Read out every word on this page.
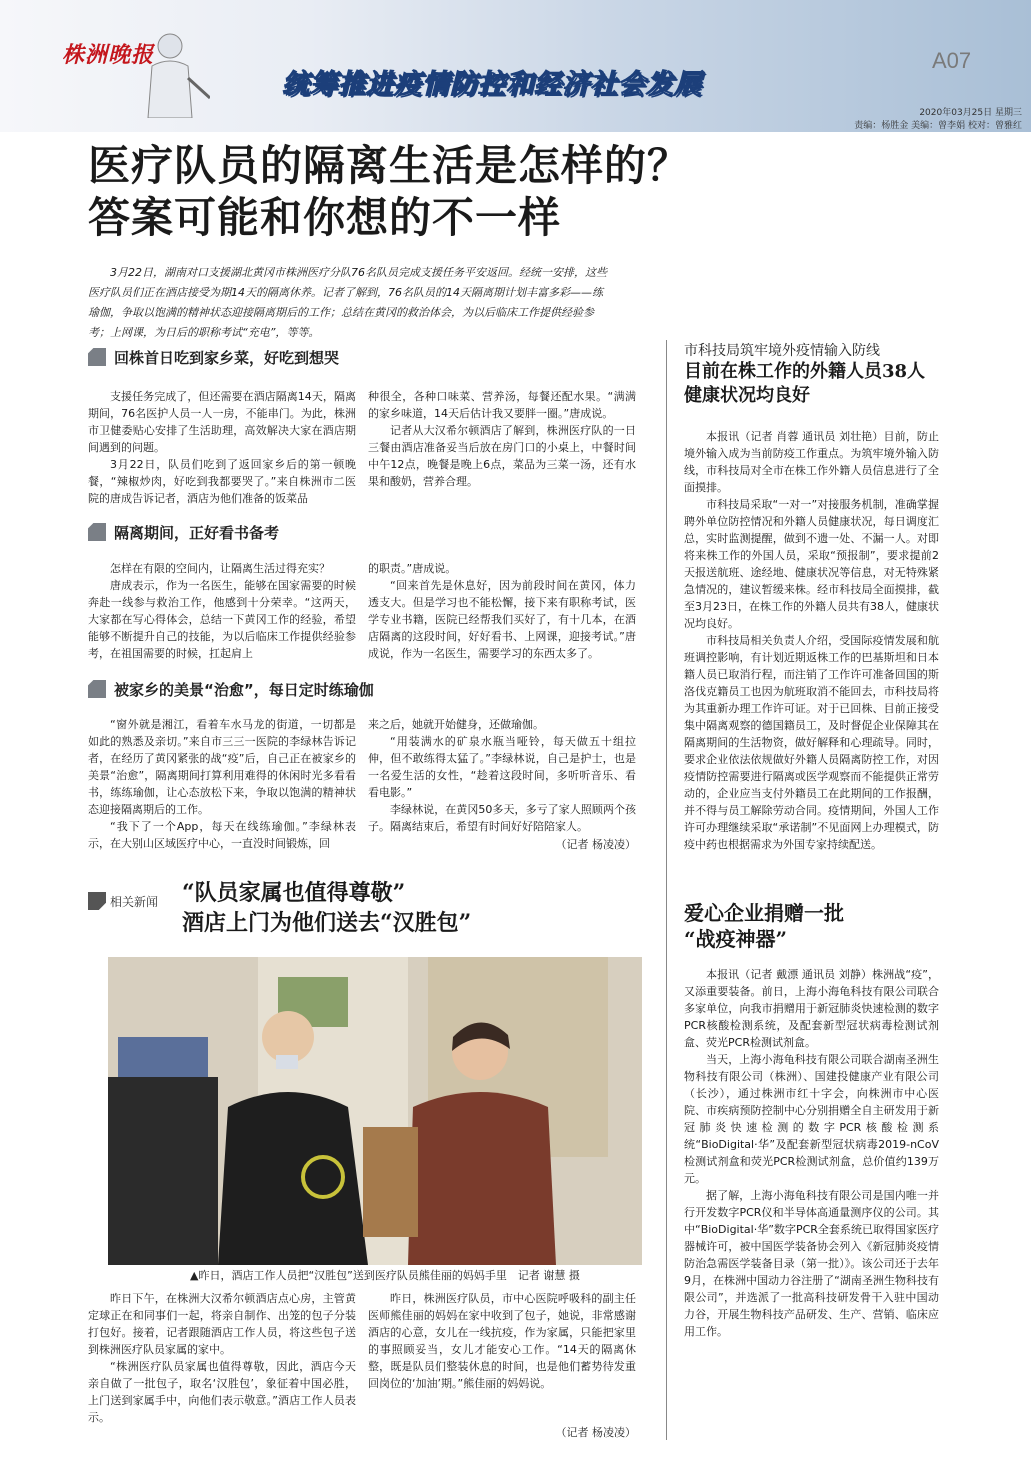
株洲晚报
统筹推进疫情防控和经济社会发展
A07
2020年03月25日 星期三
责编：杨胜金 美编：曾李娟 校对：曾雅红
医疗队员的隔离生活是怎样的？
答案可能和你想的不一样
3月22日，湖南对口支援湖北黄冈市株洲医疗分队76名队员完成支援任务平安返回。经统一安排，这些医疗队员们正在酒店接受为期14天的隔离休养。记者了解到，76名队员的14天隔离期计划丰富多彩——练瑜伽，争取以饱满的精神状态迎接隔离期后的工作；总结在黄冈的救治体会，为以后临床工作提供经验参考；上网课，为日后的职称考试“充电”，等等。
回株首日吃到家乡菜，好吃到想哭

支援任务完成了，但还需要在酒店隔离14天，隔离期间，76名医护人员一人一房，不能串门。为此，株洲市卫健委贴心安排了生活助理，高效解决大家在酒店期间遇到的问题。

3月22日，队员们吃到了返回家乡后的第一顿晚餐，“辣椒炒肉，好吃到我都要哭了。”来自株洲市二医院的唐成告诉记者，酒店为他们准备的饭菜品

种很全，各种口味菜、营养汤，每餐还配水果。“满满的家乡味道，14天后估计我又要胖一圈。”唐成说。

记者从大汉希尔顿酒店了解到，株洲医疗队的一日三餐由酒店准备妥当后放在房门口的小桌上，中餐时间中午12点，晚餐是晚上6点，菜品为三菜一汤，还有水果和酸奶，营养合理。

隔离期间，正好看书备考

怎样在有限的空间内，让隔离生活过得充实？

唐成表示，作为一名医生，能够在国家需要的时候奔赴一线参与救治工作，他感到十分荣幸。“这两天，大家都在写心得体会，总结一下黄冈工作的经验，希望能够不断提升自己的技能，为以后临床工作提供经验参考，在祖国需要的时候，扛起肩上

的职责。”唐成说。

“回来首先是休息好，因为前段时间在黄冈，体力透支大。但是学习也不能松懈，接下来有职称考试，医学专业书籍，医院已经帮我们买好了，有十几本，在酒店隔离的这段时间，好好看书、上网课，迎接考试。”唐成说，作为一名医生，需要学习的东西太多了。

被家乡的美景“治愈”，每日定时练瑜伽

“窗外就是湘江，看着车水马龙的街道，一切都是如此的熟悉及亲切。”来自市三三一医院的李绿林告诉记者，在经历了黄冈紧张的战“疫”后，自己正在被家乡的美景“治愈”，隔离期间打算利用难得的休闲时光多看看书，练练瑜伽，让心态放松下来，争取以饱满的精神状态迎接隔离期后的工作。

“我下了一个App，每天在线练瑜伽。”李绿林表示，在大别山区域医疗中心，一直没时间锻炼，回

来之后，她就开始健身，还做瑜伽。

“用装满水的矿泉水瓶当哑铃，每天做五十组拉伸，但不敢练得太猛了。”李绿林说，自己是护士，也是一名爱生活的女性，“趁着这段时间，多听听音乐、看看电影。”

李绿林说，在黄冈50多天，多亏了家人照顾两个孩子。隔离结束后，希望有时间好好陪陪家人。

（记者 杨凌凌）
相关新闻 “队员家属也值得尊敬”
酒店上门为他们送去“汉胜包”
▲昨日，酒店工作人员把“汉胜包”送到医疗队员熊佳丽的妈妈手里　记者 谢慧 摄

昨日下午，在株洲大汉希尔顿酒店点心房，主管黄定球正在和同事们一起，将亲自制作、出笼的包子分装打包好。接着，记者跟随酒店工作人员，将这些包子送到株洲医疗队员家属的家中。

“株洲医疗队员家属也值得尊敬，因此，酒店今天亲自做了一批包子，取名‘汉胜包’，象征着中国必胜，上门送到家属手中，向他们表示敬意。”酒店工作人员表示。

昨日，株洲医疗队员，市中心医院呼吸科的副主任医师熊佳丽的妈妈在家中收到了包子，她说，非常感谢酒店的心意，女儿在一线抗疫，作为家属，只能把家里的事照顾妥当，女儿才能安心工作。“14天的隔离休整，既是队员们整装休息的时间，也是他们蓄势待发重回岗位的‘加油’期。”熊佳丽的妈妈说。

（记者 杨凌凌）
市科技局筑牢境外疫情输入防线
目前在株工作的外籍人员38人
健康状况均良好

本报讯（记者 肖蓉 通讯员 刘壮艳）目前，防止境外输入成为当前防疫工作重点。为筑牢境外输入防线，市科技局对全市在株工作外籍人员信息进行了全面摸排。

市科技局采取“一对一”对接服务机制，准确掌握聘外单位防控情况和外籍人员健康状况，每日调度汇总，实时监测提醒，做到不遗一处、不漏一人。对即将来株工作的外国人员，采取“预报制”，要求提前2天报送航班、途经地、健康状况等信息，对无特殊紧急情况的，建议暂缓来株。经市科技局全面摸排，截至3月23日，在株工作的外籍人员共有38人，健康状况均良好。

市科技局相关负责人介绍，受国际疫情发展和航班调控影响，有计划近期返株工作的巴基斯坦和日本籍人员已取消行程，而注销了工作许可准备回国的斯洛伐克籍员工也因为航班取消不能回去，市科技局将为其重新办理工作许可证。对于已回株、目前正接受集中隔离观察的德国籍员工，及时督促企业保障其在隔离期间的生活物资，做好解释和心理疏导。同时，要求企业依法依规做好外籍人员隔离防控工作，对因疫情防控需要进行隔离或医学观察而不能提供正常劳动的，企业应当支付外籍员工在此期间的工作报酬，并不得与员工解除劳动合同。疫情期间，外国人工作许可办理继续采取“承诺制”不见面网上办理模式，防疫中药也根据需求为外国专家持续配送。

爱心企业捐赠一批
“战疫神器”

本报讯（记者 戴漂 通讯员 刘静）株洲战“疫”，又添重要装备。前日，上海小海龟科技有限公司联合多家单位，向我市捐赠用于新冠肺炎快速检测的数字PCR核酸检测系统，及配套新型冠状病毒检测试剂盒、荧光PCR检测试剂盒。

当天，上海小海龟科技有限公司联合湖南圣洲生物科技有限公司（株洲）、国建投健康产业有限公司（长沙），通过株洲市红十字会，向株洲市中心医院、市疾病预防控制中心分别捐赠全自主研发用于新冠肺炎快速检测的数字PCR核酸检测系统“BioDigital·华”及配套新型冠状病毒2019-nCoV检测试剂盒和荧光PCR检测试剂盒，总价值约139万元。

据了解，上海小海龟科技有限公司是国内唯一并行开发数字PCR仪和半导体高通量测序仪的公司。其中“BioDigital·华”数字PCR全套系统已取得国家医疗器械许可，被中国医学装备协会列入《新冠肺炎疫情防治急需医学装备目录（第一批）》。该公司还于去年9月，在株洲中国动力谷注册了“湖南圣洲生物科技有限公司”，并选派了一批高科技研发骨干入驻中国动力谷，开展生物科技产品研发、生产、营销、临床应用工作。
